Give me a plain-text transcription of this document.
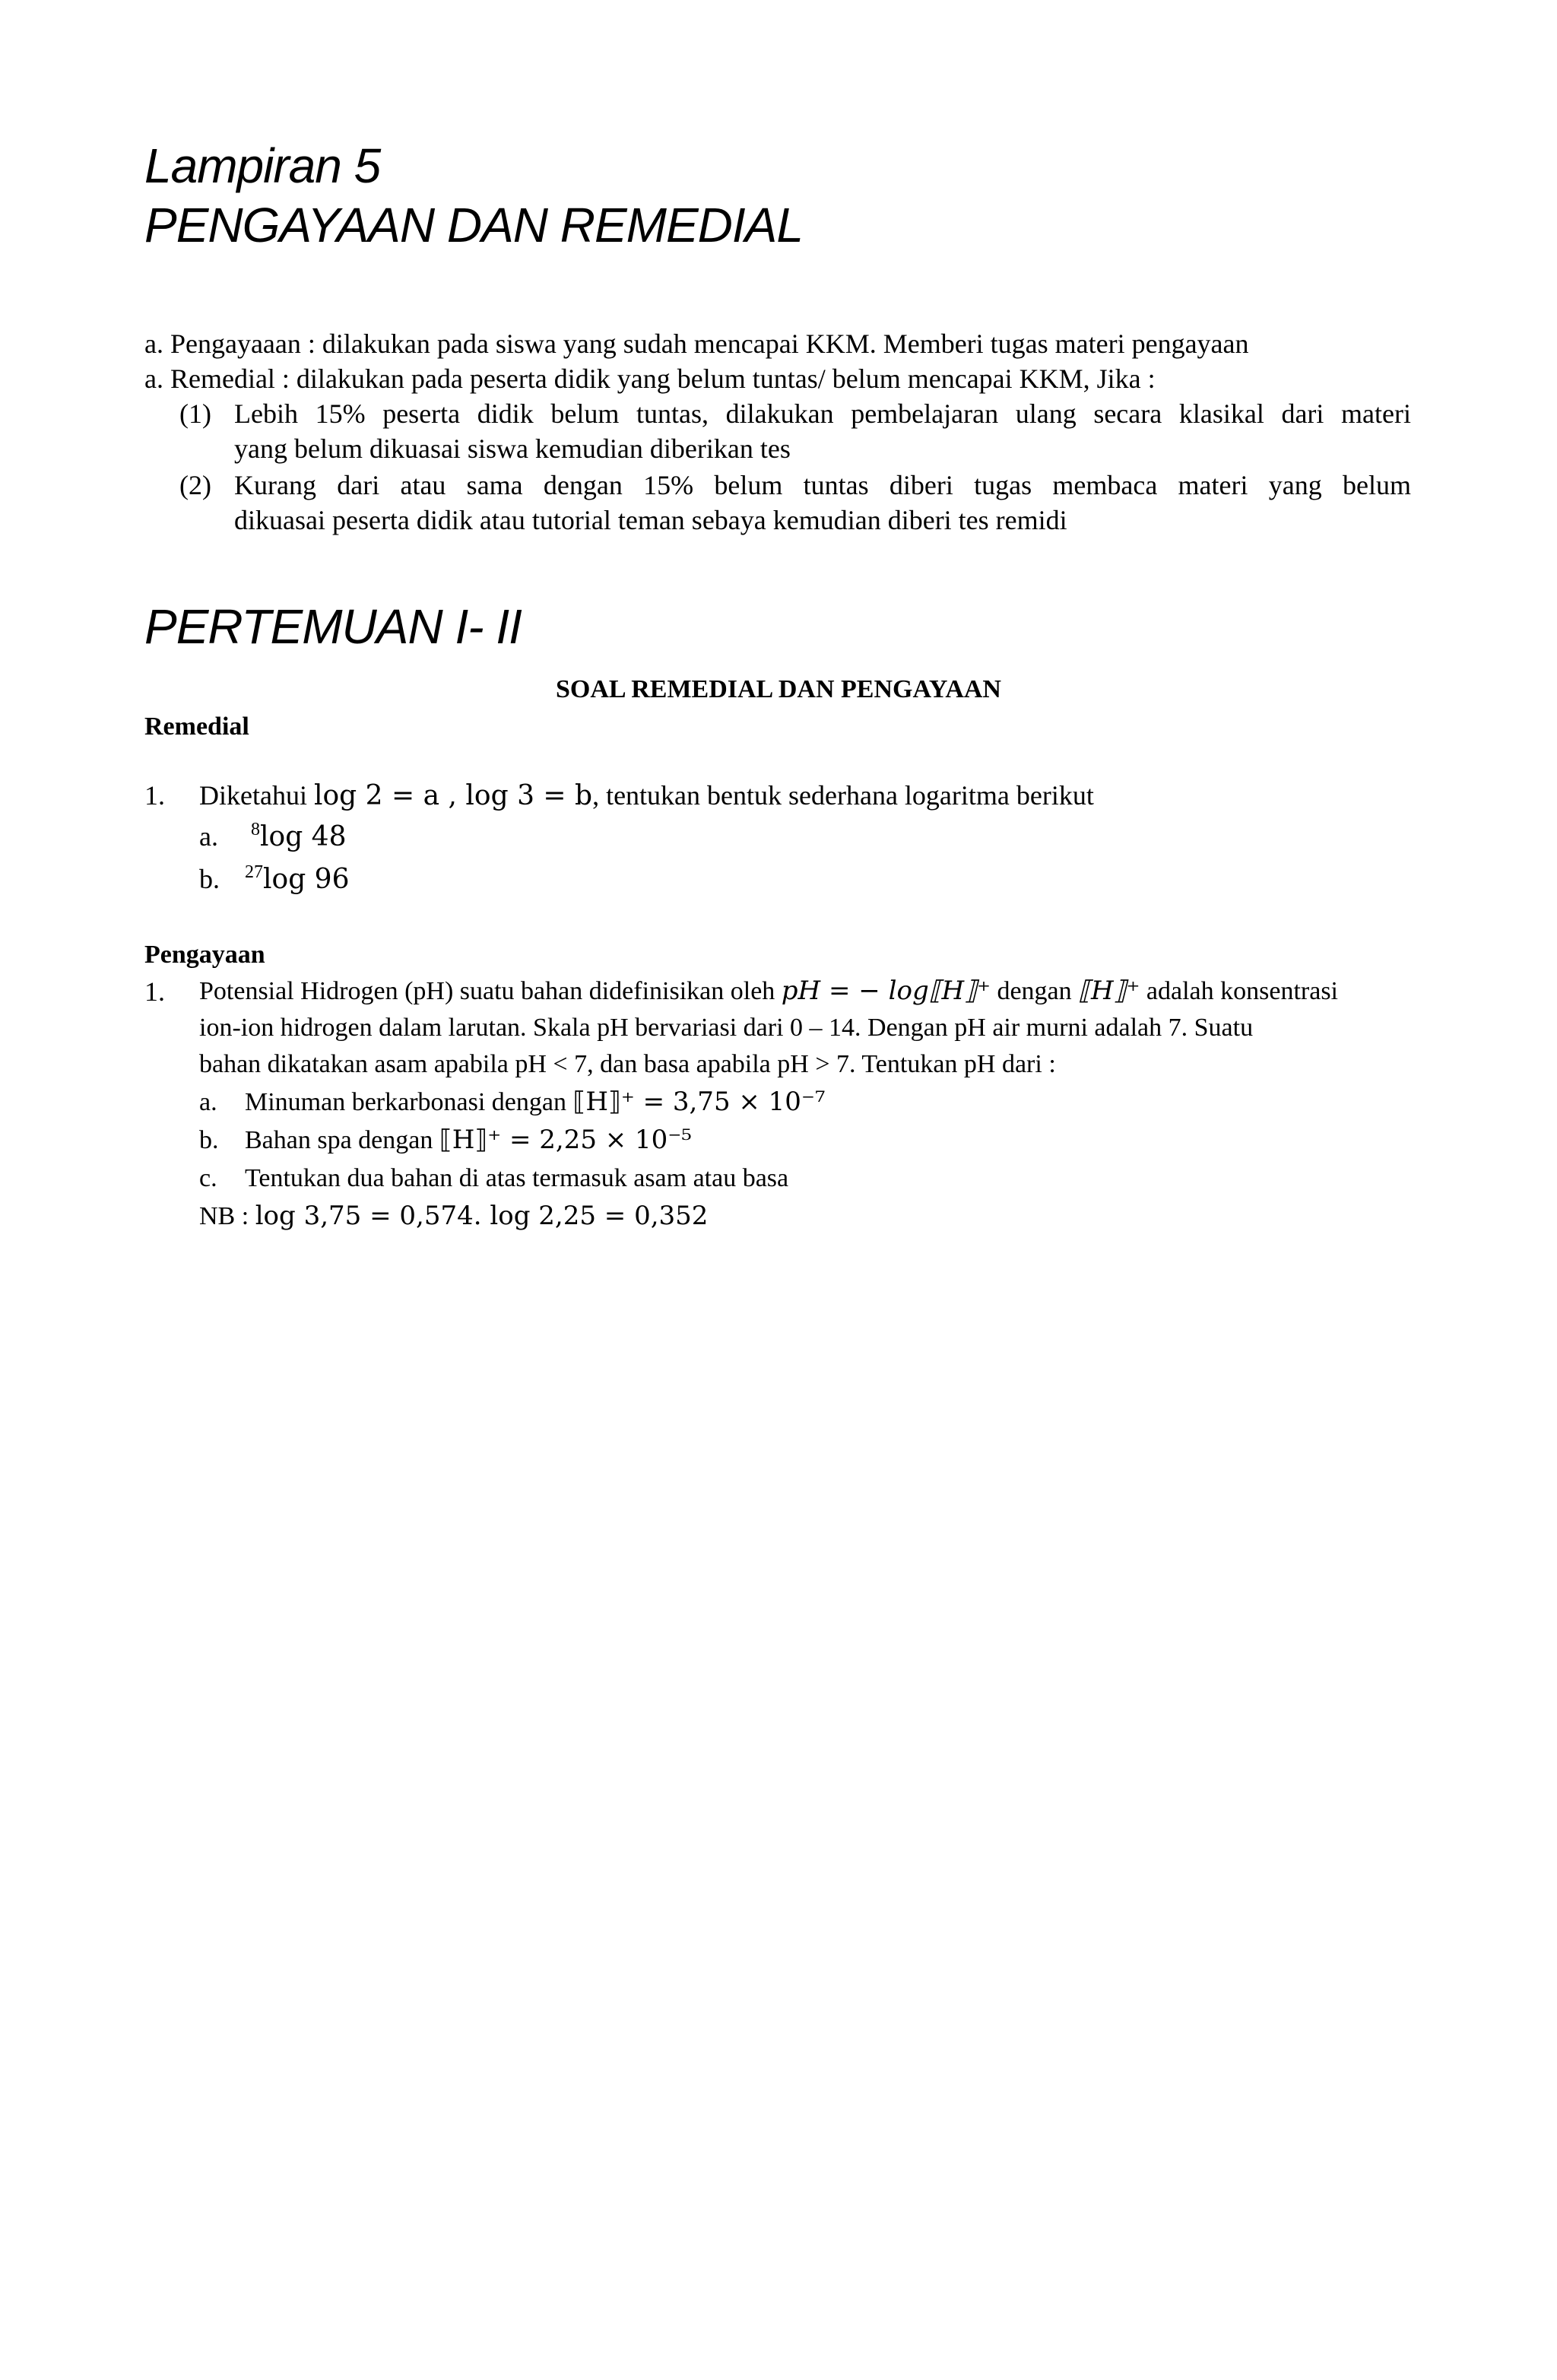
Lampiran 5
PENGAYAAN DAN REMEDIAL
a. Pengayaaan : dilakukan pada siswa yang sudah mencapai KKM. Memberi tugas materi pengayaan
a. Remedial : dilakukan pada peserta didik yang belum tuntas/ belum mencapai KKM, Jika :
(1) Lebih 15% peserta didik belum tuntas, dilakukan pembelajaran ulang secara klasikal dari materi
yang belum dikuasai siswa kemudian diberikan tes
(2) Kurang dari atau sama dengan 15% belum tuntas diberi tugas membaca materi yang belum
dikuasai peserta didik atau tutorial teman sebaya kemudian diberi tes remidi
PERTEMUAN I- II
SOAL REMEDIAL DAN PENGAYAAN
Remedial
1. Diketahui log 2 = a , log 3 = b, tentukan bentuk sederhana logaritma berikut
a. $^8$log 48
b. $^{27}$log 96
Pengayaan
1. Potensial Hidrogen (pH) suatu bahan didefinisikan oleh pH = − log⟦H⟧⁺ dengan ⟦H⟧⁺ adalah konsentrasi
ion-ion hidrogen dalam larutan. Skala pH bervariasi dari 0 – 14. Dengan pH air murni adalah 7. Suatu
bahan dikatakan asam apabila pH < 7, dan basa apabila pH > 7. Tentukan pH dari :
a. Minuman berkarbonasi dengan ⟦H⟧⁺ = 3,75 × 10⁻⁷
b. Bahan spa dengan ⟦H⟧⁺ = 2,25 × 10⁻⁵
c. Tentukan dua bahan di atas termasuk asam atau basa
NB : log 3,75 = 0,574. log 2,25 = 0,352
